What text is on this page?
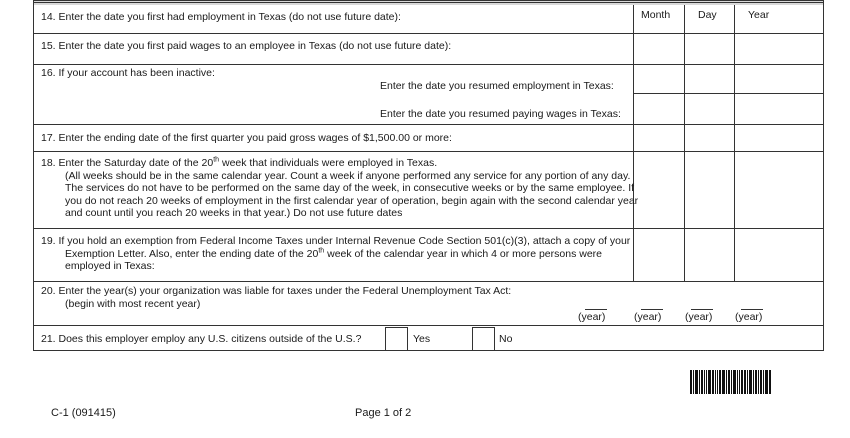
Month	Day	Year
14. Enter the date you first had employment in Texas (do not use future date):
15. Enter the date you first paid wages to an employee in Texas (do not use future date):
16. If your account has been inactive:
Enter the date you resumed employment in Texas:
Enter the date you resumed paying wages in Texas:
17. Enter the ending date of the first quarter you paid gross wages of $1,500.00 or more:
18. Enter the Saturday date of the 20th week that individuals were employed in Texas.
(All weeks should be in the same calendar year. Count a week if anyone performed any service for any portion of any day.
The services do not have to be performed on the same day of the week, in consecutive weeks or by the same employee. If
you do not reach 20 weeks of employment in the first calendar year of operation, begin again with the second calendar year
and count until you reach 20 weeks in that year.) Do not use future dates
19. If you hold an exemption from Federal Income Taxes under Internal Revenue Code Section 501(c)(3), attach a copy of your
Exemption Letter. Also, enter the ending date of the 20th week of the calendar year in which 4 or more persons were
employed in Texas:
20. Enter the year(s) your organization was liable for taxes under the Federal Unemployment Tax Act:
(begin with most recent year)
(year)	(year) (year) (year)
21. Does this employer employ any U.S. citizens outside of the U.S.?	Yes	No
C-1 (091415)	Page 1 of 2
